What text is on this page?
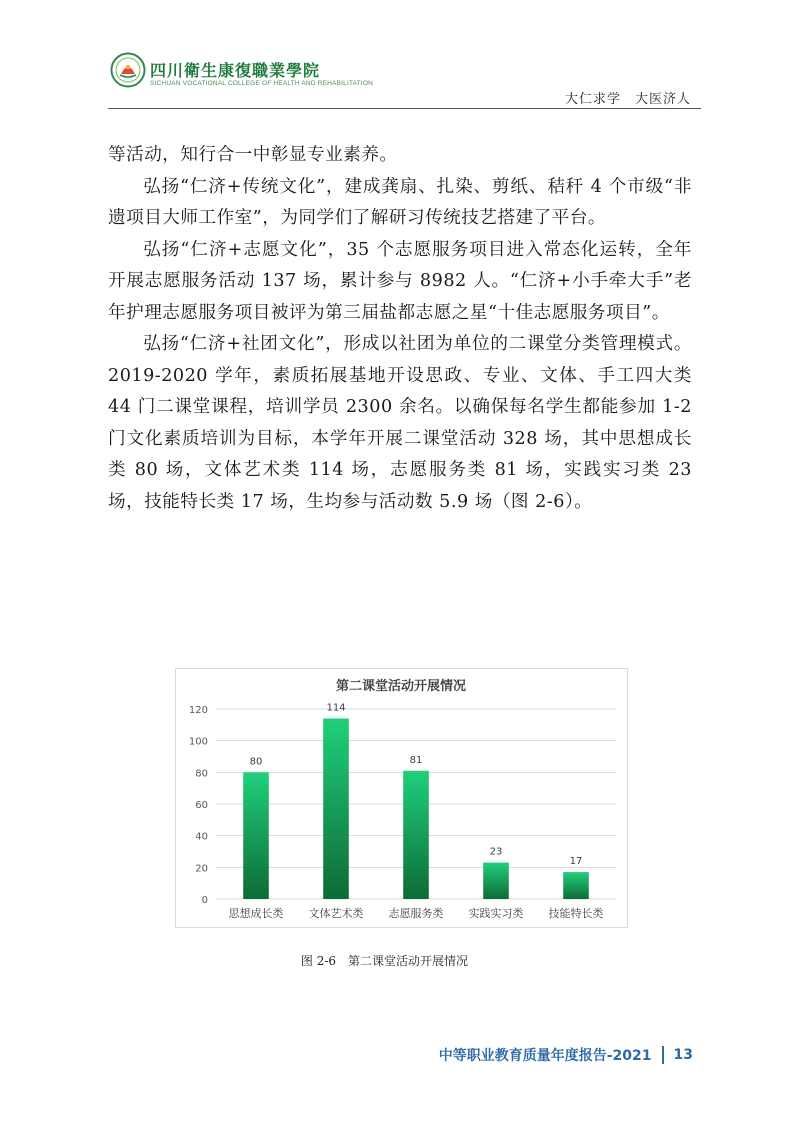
四川衛生康復職業學院
SICHUAN VOCATIONAL COLLEGE OF HEALTH AND REHABILITATION
大仁求学　大医济人

等活动，知行合一中彰显专业素养。

弘扬“仁济+传统文化”，建成龚扇、扎染、剪纸、秸秆 4 个市级“非遗项目大师工作室”，为同学们了解研习传统技艺搭建了平台。

弘扬“仁济+志愿文化”，35 个志愿服务项目进入常态化运转，全年开展志愿服务活动 137 场，累计参与 8982 人。“仁济+小手牵大手”老年护理志愿服务项目被评为第三届盐都志愿之星“十佳志愿服务项目”。

弘扬“仁济+社团文化”，形成以社团为单位的二课堂分类管理模式。2019-2020 学年，素质拓展基地开设思政、专业、文体、手工四大类 44 门二课堂课程，培训学员 2300 余名。以确保每名学生都能参加 1-2 门文化素质培训为目标，本学年开展二课堂活动 328 场，其中思想成长类 80 场，文体艺术类 114 场，志愿服务类 81 场，实践实习类 23 场，技能特长类 17 场，生均参与活动数 5.9 场（图 2-6）。

第二课堂活动开展情况
0
20
40
60
80
100
120
80
思想成长类
114
文体艺术类
81
志愿服务类
23
实践实习类
17
技能特长类
图 2-6　第二课堂活动开展情况
中等职业教育质量年度报告-2021 13
